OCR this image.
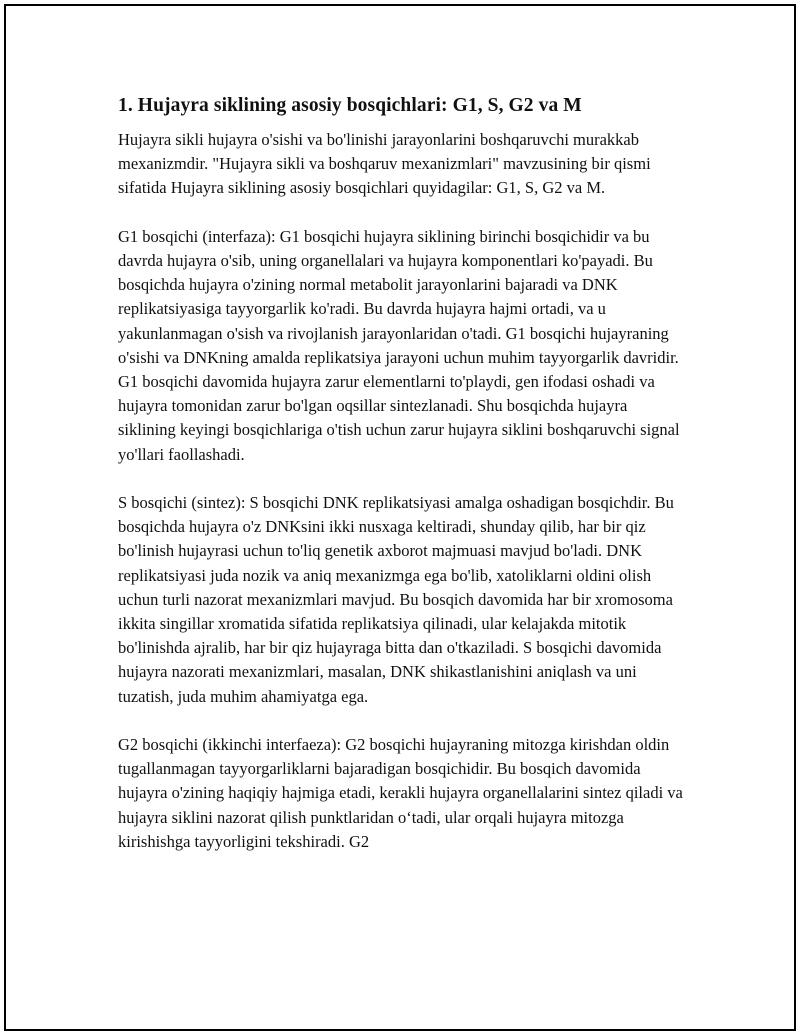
1. Hujayra siklining asosiy bosqichlari: G1, S, G2 va M

Hujayra sikli hujayra o'sishi va bo'linishi jarayonlarini boshqaruvchi murakkab mexanizmdir. "Hujayra sikli va boshqaruv mexanizmlari" mavzusining bir qismi sifatida Hujayra siklining asosiy bosqichlari quyidagilar: G1, S, G2 va M.

G1 bosqichi (interfaza): G1 bosqichi hujayra siklining birinchi bosqichidir va bu davrda hujayra o'sib, uning organellalari va hujayra komponentlari ko'payadi. Bu bosqichda hujayra o'zining normal metabolit jarayonlarini bajaradi va DNK replikatsiyasiga tayyorgarlik ko'radi. Bu davrda hujayra hajmi ortadi, va u yakunlanmagan o'sish va rivojlanish jarayonlaridan o'tadi. G1 bosqichi hujayraning o'sishi va DNKning amalda replikatsiya jarayoni uchun muhim tayyorgarlik davridir. G1 bosqichi davomida hujayra zarur elementlarni to'playdi, gen ifodasi oshadi va hujayra tomonidan zarur bo'lgan oqsillar sintezlanadi. Shu bosqichda hujayra siklining keyingi bosqichlariga o'tish uchun zarur hujayra siklini boshqaruvchi signal yo'llari faollashadi.

S bosqichi (sintez): S bosqichi DNK replikatsiyasi amalga oshadigan bosqichdir. Bu bosqichda hujayra o'z DNKsini ikki nusxaga keltiradi, shunday qilib, har bir qiz bo'linish hujayrasi uchun to'liq genetik axborot majmuasi mavjud bo'ladi. DNK replikatsiyasi juda nozik va aniq mexanizmga ega bo'lib, xatoliklarni oldini olish uchun turli nazorat mexanizmlari mavjud. Bu bosqich davomida har bir xromosoma ikkita singillar xromatida sifatida replikatsiya qilinadi, ular kelajakda mitotik bo'linishda ajralib, har bir qiz hujayraga bitta dan o'tkaziladi. S bosqichi davomida hujayra nazorati mexanizmlari, masalan, DNK shikastlanishini aniqlash va uni tuzatish, juda muhim ahamiyatga ega.

G2 bosqichi (ikkinchi interfaeza): G2 bosqichi hujayraning mitozga kirishdan oldin tugallanmagan tayyorgarliklarni bajaradigan bosqichidir. Bu bosqich davomida hujayra o'zining haqiqiy hajmiga etadi, kerakli hujayra organellalarini sintez qiladi va hujayra siklini nazorat qilish punktlaridan o‘tadi, ular orqali hujayra mitozga kirishishga tayyorligini tekshiradi. G2
